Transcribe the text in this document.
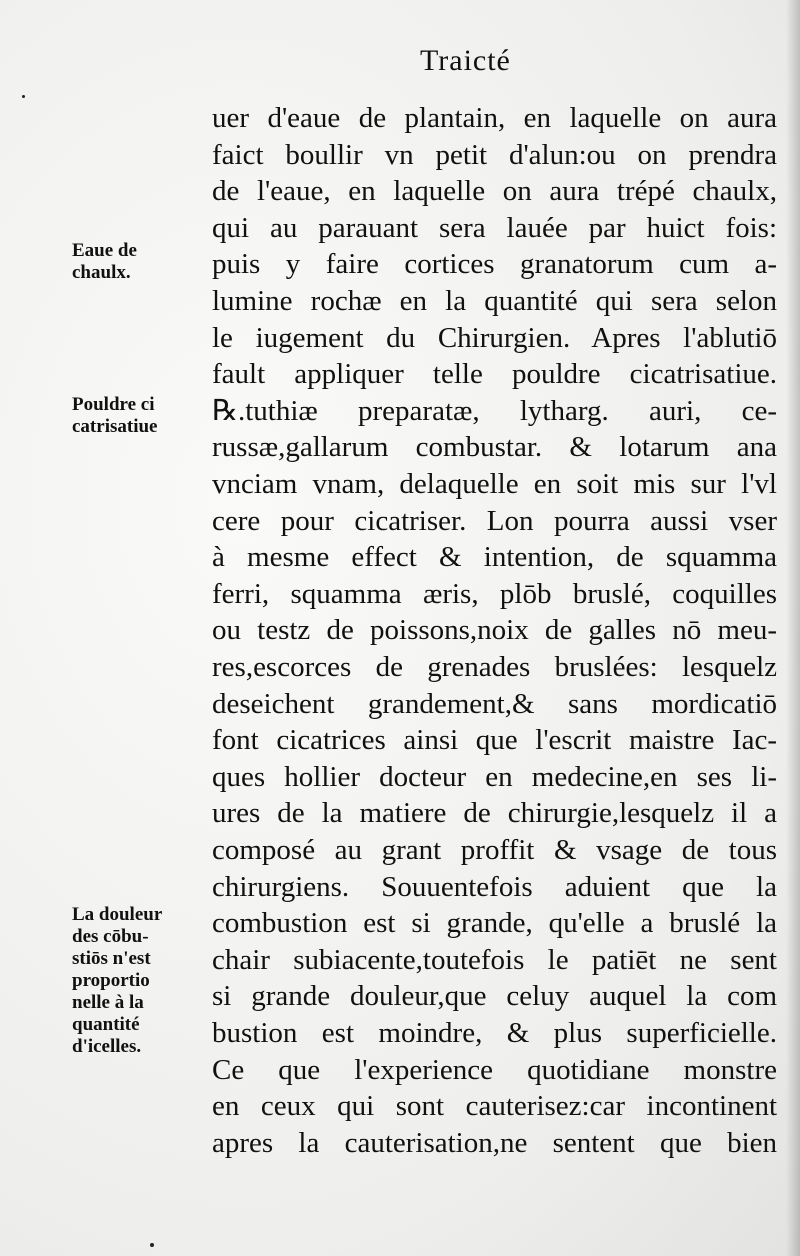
Traicté
uer d'eaue de plantain, en laquelle on aura
faict boullir vn petit d'alun:ou on prendra
de l'eaue, en laquelle on aura trépé chaulx,
qui au parauant sera lauée par huict fois:
puis y faire cortices granatorum cum a-
lumine rochæ en la quantité qui sera selon
le iugement du Chirurgien. Apres l'ablutiō
fault appliquer telle pouldre cicatrisatiue.
℞.tuthiæ preparatæ, lytharg. auri, ce-
russæ,gallarum combustar. & lotarum ana
vnciam vnam, delaquelle en soit mis sur l'vl
cere pour cicatriser. Lon pourra aussi vser
à mesme effect & intention, de squamma
ferri, squamma æris, plōb bruslé, coquilles
ou testz de poissons,noix de galles nō meu-
res,escorces de grenades bruslées: lesquelz
deseichent grandement,& sans mordicatiō
font cicatrices ainsi que l'escrit maistre Iac-
ques hollier docteur en medecine,en ses li-
ures de la matiere de chirurgie,lesquelz il a
composé au grant proffit & vsage de tous
chirurgiens. Souuentefois aduient que la
combustion est si grande, qu'elle a bruslé la
chair subiacente,toutefois le patiēt ne sent
si grande douleur,que celuy auquel la com
bustion est moindre, & plus superficielle.
Ce que l'experience quotidiane monstre
en ceux qui sont cauterisez:car incontinent
apres la cauterisation,ne sentent que bien
Eaue de
chaulx.
Pouldre ci
catrisatiue
La douleur
des cōbu-
stiōs n'est
proportio
nelle à la
quantité
d'icelles.
